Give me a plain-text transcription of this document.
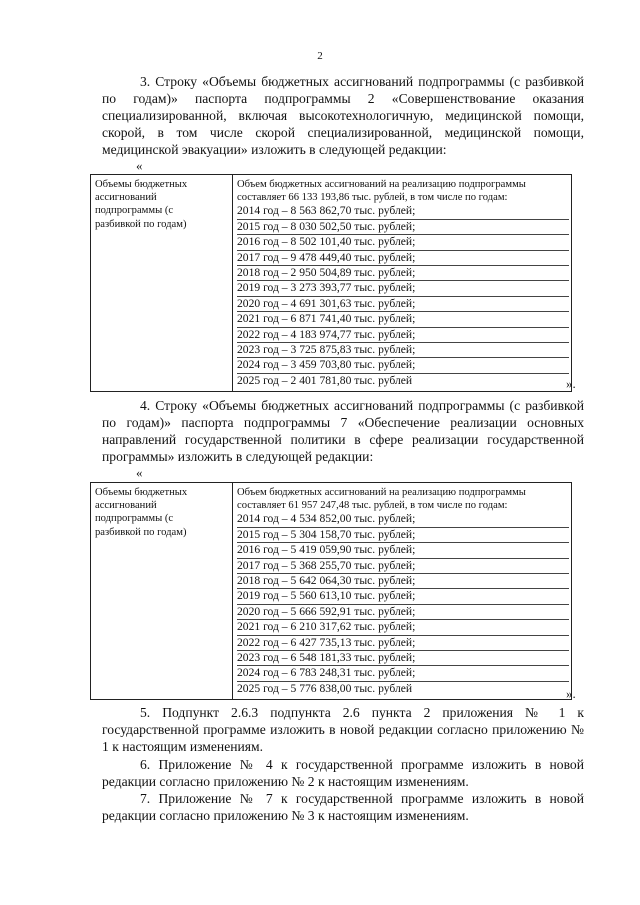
2

3. Строку «Объемы бюджетных ассигнований подпрограммы (с разбивкой по годам)» паспорта подпрограммы 2 «Совершенствование оказания специализированной, включая высокотехнологичную, медицинской помощи, скорой, в том числе скорой специализированной, медицинской помощи, медицинской эвакуации» изложить в следующей редакции:

«
Объемы бюджетных
ассигнований
подпрограммы (с
разбивкой по годам)

Объем бюджетных ассигнований на реализацию подпрограммы
составляет 66 133 193,86 тыс. рублей, в том числе по годам:
2014 год – 8 563 862,70 тыс. рублей;
2015 год – 8 030 502,50 тыс. рублей;
2016 год – 8 502 101,40 тыс. рублей;
2017 год – 9 478 449,40 тыс. рублей;
2018 год – 2 950 504,89 тыс. рублей;
2019 год – 3 273 393,77 тыс. рублей;
2020 год – 4 691 301,63 тыс. рублей;
2021 год – 6 871 741,40 тыс. рублей;
2022 год – 4 183 974,77 тыс. рублей;
2023 год – 3 725 875,83 тыс. рублей;
2024 год – 3 459 703,80 тыс. рублей;
2025 год – 2 401 781,80 тыс. рублей	».

4. Строку «Объемы бюджетных ассигнований подпрограммы (с разбивкой по годам)» паспорта подпрограммы 7 «Обеспечение реализации основных направлений государственной политики в сфере реализации государственной программы» изложить в следующей редакции:

«
Объемы бюджетных
ассигнований
подпрограммы (с
разбивкой по годам)

Объем бюджетных ассигнований на реализацию подпрограммы
составляет 61 957 247,48 тыс. рублей, в том числе по годам:
2014 год – 4 534 852,00 тыс. рублей;
2015 год – 5 304 158,70 тыс. рублей;
2016 год – 5 419 059,90 тыс. рублей;
2017 год – 5 368 255,70 тыс. рублей;
2018 год – 5 642 064,30 тыс. рублей;
2019 год – 5 560 613,10 тыс. рублей;
2020 год – 5 666 592,91 тыс. рублей;
2021 год – 6 210 317,62 тыс. рублей;
2022 год – 6 427 735,13 тыс. рублей;
2023 год – 6 548 181,33 тыс. рублей;
2024 год – 6 783 248,31 тыс. рублей;
2025 год – 5 776 838,00 тыс. рублей	».

5. Подпункт 2.6.3 подпункта 2.6 пункта 2 приложения № 1 к государственной программе изложить в новой редакции согласно приложению № 1 к настоящим изменениям.

6. Приложение № 4 к государственной программе изложить в новой редакции согласно приложению № 2 к настоящим изменениям.

7. Приложение № 7 к государственной программе изложить в новой редакции согласно приложению № 3 к настоящим изменениям.
